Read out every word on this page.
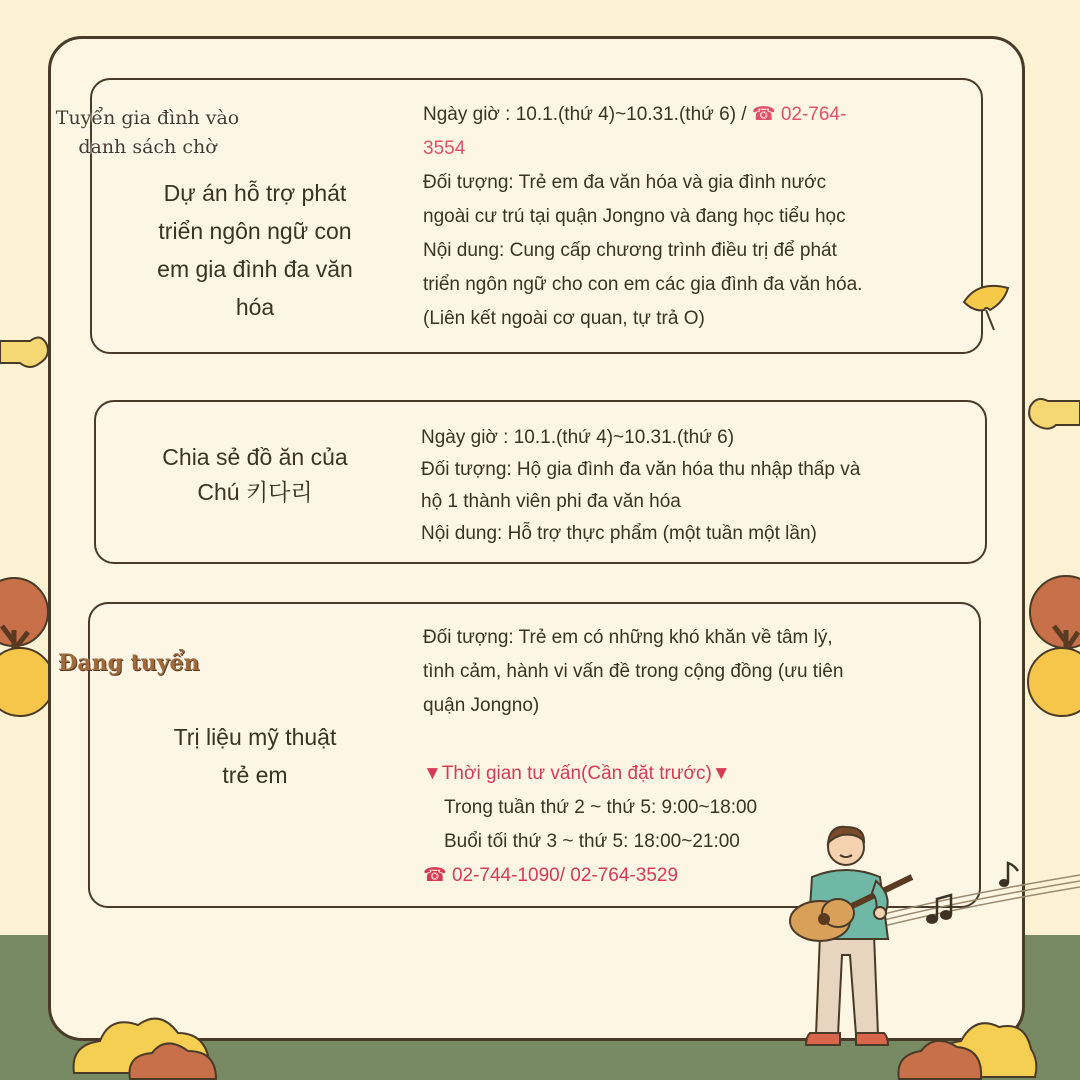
Dự án hỗ trợ phát
triển ngôn ngữ con
em gia đình đa văn
hóa
Ngày giờ : 10.1.(thứ 4)~10.31.(thứ 6) / ☎ 02-764-
3554
Đối tượng: Trẻ em đa văn hóa và gia đình nước
ngoài cư trú tại quận Jongno và đang học tiểu học
Nội dung: Cung cấp chương trình điều trị để phát
triển ngôn ngữ cho con em các gia đình đa văn hóa.
(Liên kết ngoài cơ quan, tự trả O)
Tuyển gia đình vào danh sách chờ
Chia sẻ đồ ăn của
Chú 키다리
Ngày giờ : 10.1.(thứ 4)~10.31.(thứ 6)
Đối tượng: Hộ gia đình đa văn hóa thu nhập thấp và
hộ 1 thành viên phi đa văn hóa
Nội dung: Hỗ trợ thực phẩm (một tuần một lần)
Trị liệu mỹ thuật
trẻ em
Đối tượng: Trẻ em có những khó khăn về tâm lý,
tình cảm, hành vi vấn đề trong cộng đồng (ưu tiên
quận Jongno)

▼Thời gian tư vấn(Cần đặt trước)▼
Trong tuần thứ 2 ~ thứ 5: 9:00~18:00
Buổi tối thứ 3 ~ thứ 5: 18:00~21:00
☎ 02-744-1090/ 02-764-3529
Đang tuyển
